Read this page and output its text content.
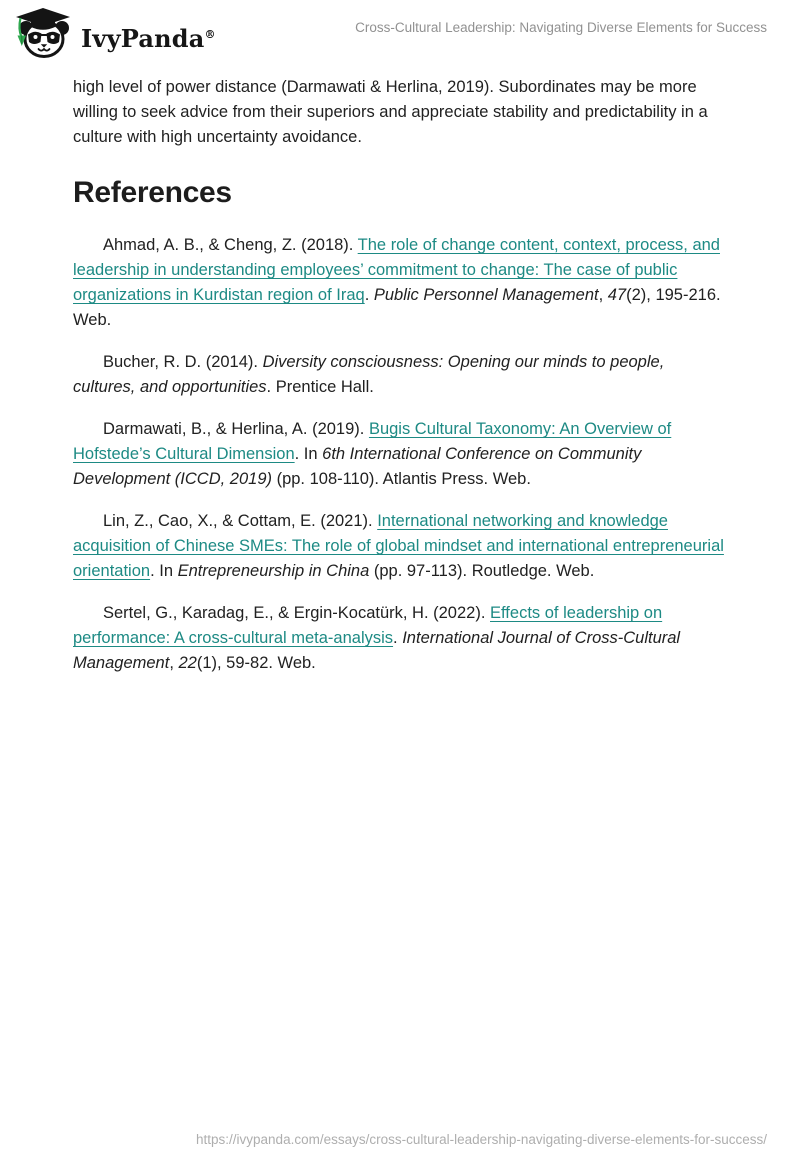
IvyPanda®	Cross-Cultural Leadership: Navigating Diverse Elements for Success

high level of power distance (Darmawati & Herlina, 2019). Subordinates may be more willing to seek advice from their superiors and appreciate stability and predictability in a culture with high uncertainty avoidance.

References

Ahmad, A. B., & Cheng, Z. (2018). The role of change content, context, process, and leadership in understanding employees’ commitment to change: The case of public organizations in Kurdistan region of Iraq. Public Personnel Management, 47(2), 195-216. Web.

Bucher, R. D. (2014). Diversity consciousness: Opening our minds to people, cultures, and opportunities. Prentice Hall.

Darmawati, B., & Herlina, A. (2019). Bugis Cultural Taxonomy: An Overview of Hofstede’s Cultural Dimension. In 6th International Conference on Community Development (ICCD, 2019) (pp. 108-110). Atlantis Press. Web.

Lin, Z., Cao, X., & Cottam, E. (2021). International networking and knowledge acquisition of Chinese SMEs: The role of global mindset and international entrepreneurial orientation. In Entrepreneurship in China (pp. 97-113). Routledge. Web.

Sertel, G., Karadag, E., & Ergin-Kocatürk, H. (2022). Effects of leadership on performance: A cross-cultural meta-analysis. International Journal of Cross-Cultural Management, 22(1), 59-82. Web.

https://ivypanda.com/essays/cross-cultural-leadership-navigating-diverse-elements-for-success/
